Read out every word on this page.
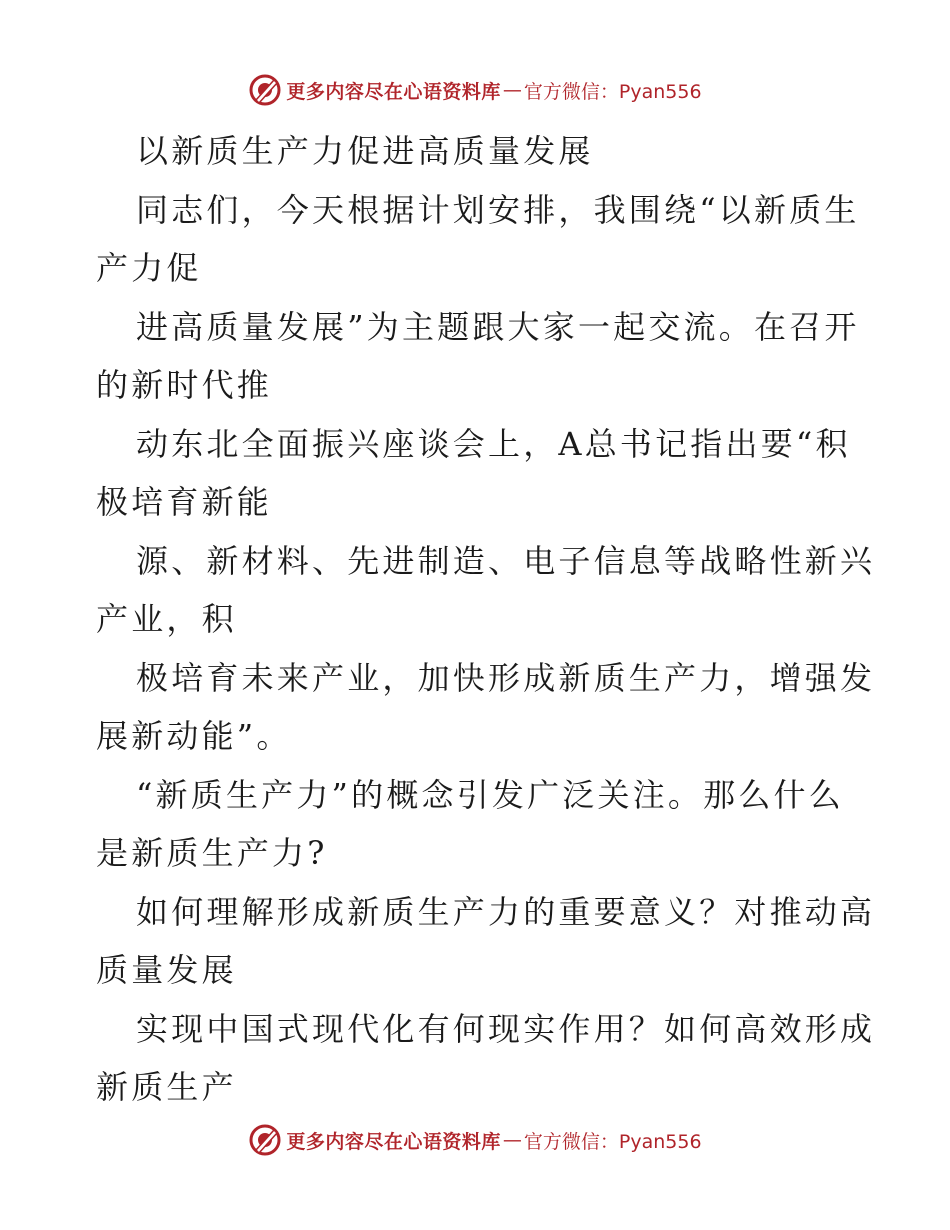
更多内容尽在心语资料库 — 官方微信：Pyan556
以新质生产力促进高质量发展
同志们，今天根据计划安排，我围绕“以新质生
产力促
进高质量发展”为主题跟大家一起交流。在召开
的新时代推
动东北全面振兴座谈会上，A总书记指出要“积
极培育新能
源、新材料、先进制造、电子信息等战略性新兴
产业，积
极培育未来产业，加快形成新质生产力，增强发
展新动能”。
“新质生产力”的概念引发广泛关注。那么什么
是新质生产力?
如何理解形成新质生产力的重要意义？对推动高
质量发展
实现中国式现代化有何现实作用？如何高效形成
新质生产
更多内容尽在心语资料库 — 官方微信：Pyan556
